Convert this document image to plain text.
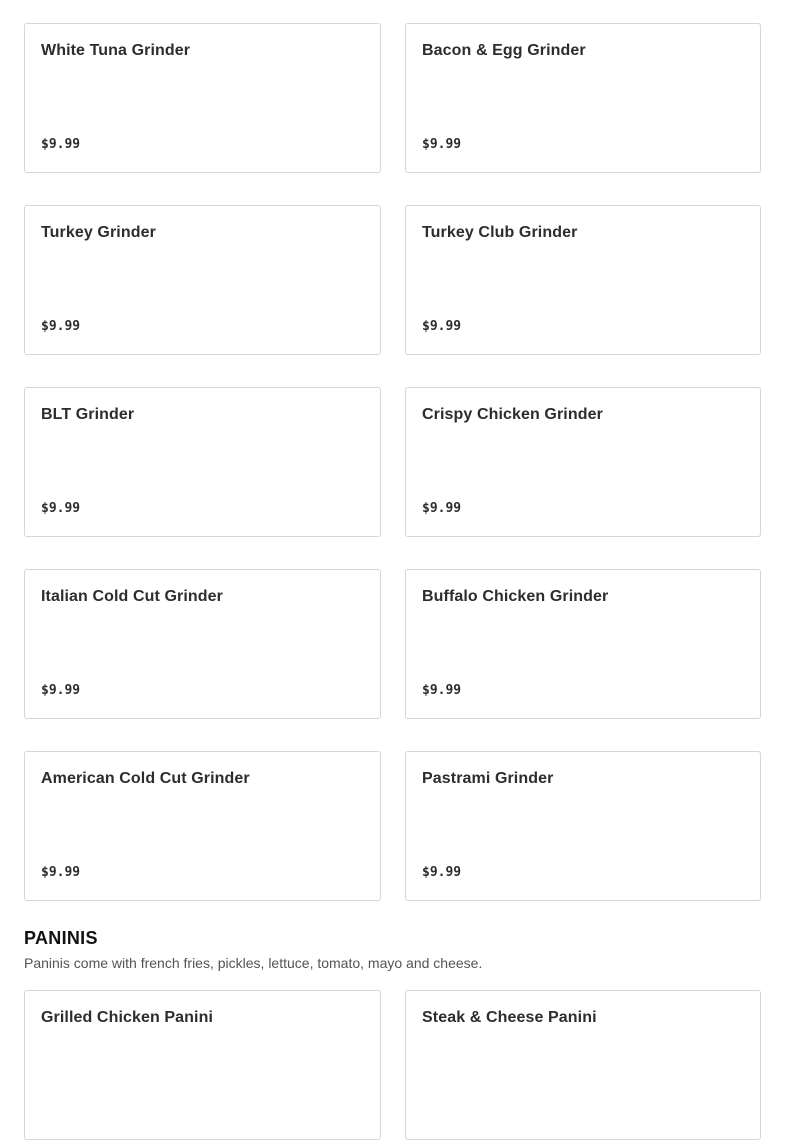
White Tuna Grinder
$9.99
Bacon & Egg Grinder
$9.99
Turkey Grinder
$9.99
Turkey Club Grinder
$9.99
BLT Grinder
$9.99
Crispy Chicken Grinder
$9.99
Italian Cold Cut Grinder
$9.99
Buffalo Chicken Grinder
$9.99
American Cold Cut Grinder
$9.99
Pastrami Grinder
$9.99
PANINIS

Paninis come with french fries, pickles, lettuce, tomato, mayo and cheese.

Grilled Chicken Panini	Steak & Cheese Panini
